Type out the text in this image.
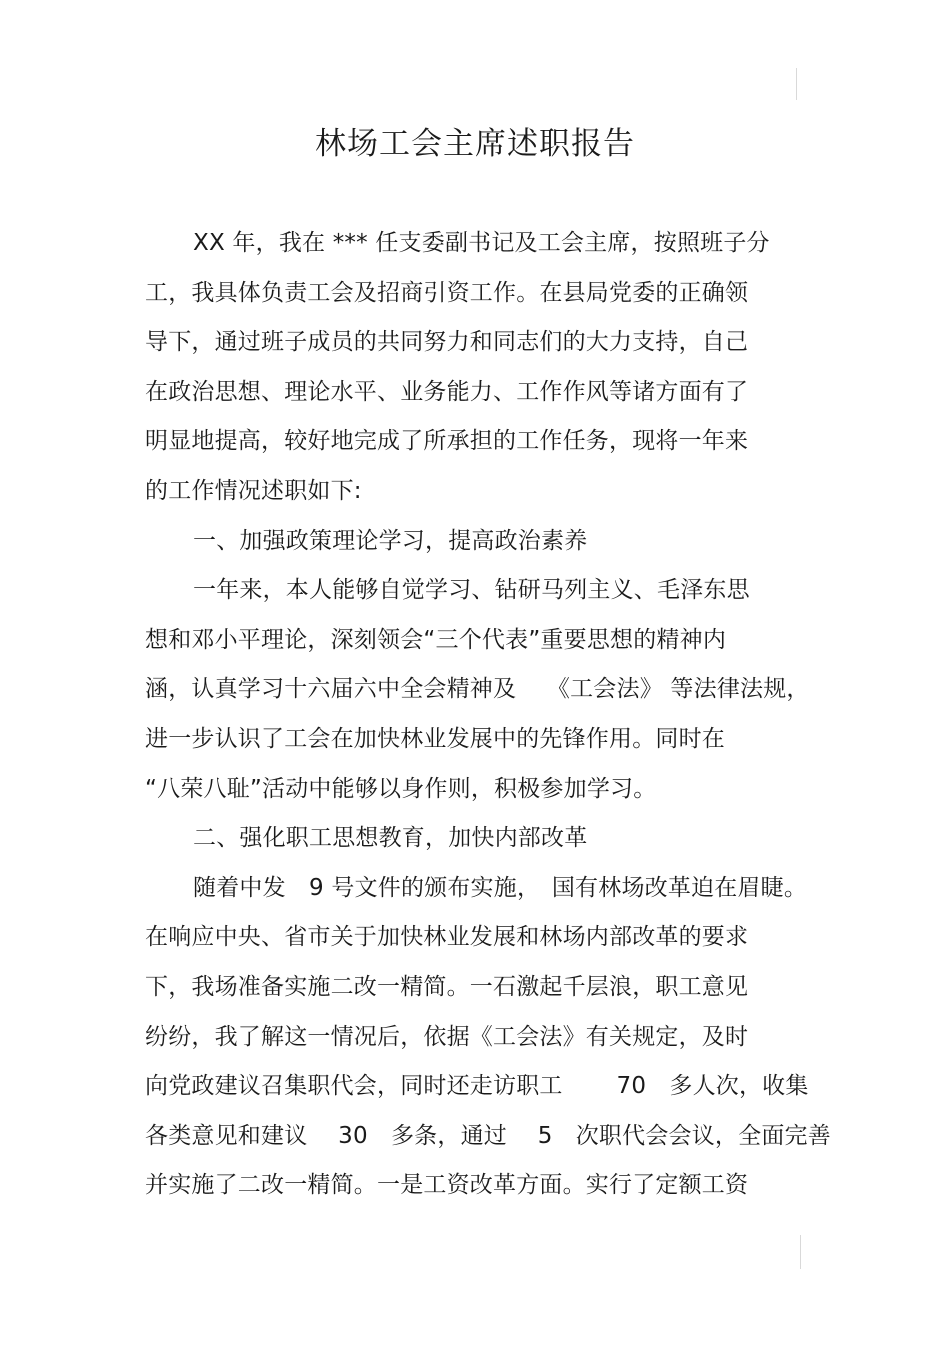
林场工会主席述职报告
XX 年，我在 *** 任支委副书记及工会主席，按照班子分
工，我具体负责工会及招商引资工作。在县局党委的正确领
导下，通过班子成员的共同努力和同志们的大力支持，自己
在政治思想、理论水平、业务能力、工作作风等诸方面有了
明显地提高，较好地完成了所承担的工作任务，现将一年来
的工作情况述职如下:
一、加强政策理论学习，提高政治素养
一年来，本人能够自觉学习、钻研马列主义、毛泽东思
想和邓小平理论，深刻领会“三个代表”重要思想的精神内
涵，认真学习十六届六中全会精神及　 《工会法》 等法律法规，
进一步认识了工会在加快林业发展中的先锋作用。同时在
“八荣八耻”活动中能够以身作则，积极参加学习。
二、强化职工思想教育，加快内部改革
随着中发　9 号文件的颁布实施，　国有林场改革迫在眉睫。
在响应中央、省市关于加快林业发展和林场内部改革的要求
下，我场准备实施二改一精简。一石激起千层浪，职工意见
纷纷，我了解这一情况后，依据《工会法》有关规定，及时
向党政建议召集职代会，同时还走访职工　　 70　多人次，收集
各类意见和建议　 30　多条，通过　 5　次职代会会议，全面完善
并实施了二改一精简。一是工资改革方面。实行了定额工资
